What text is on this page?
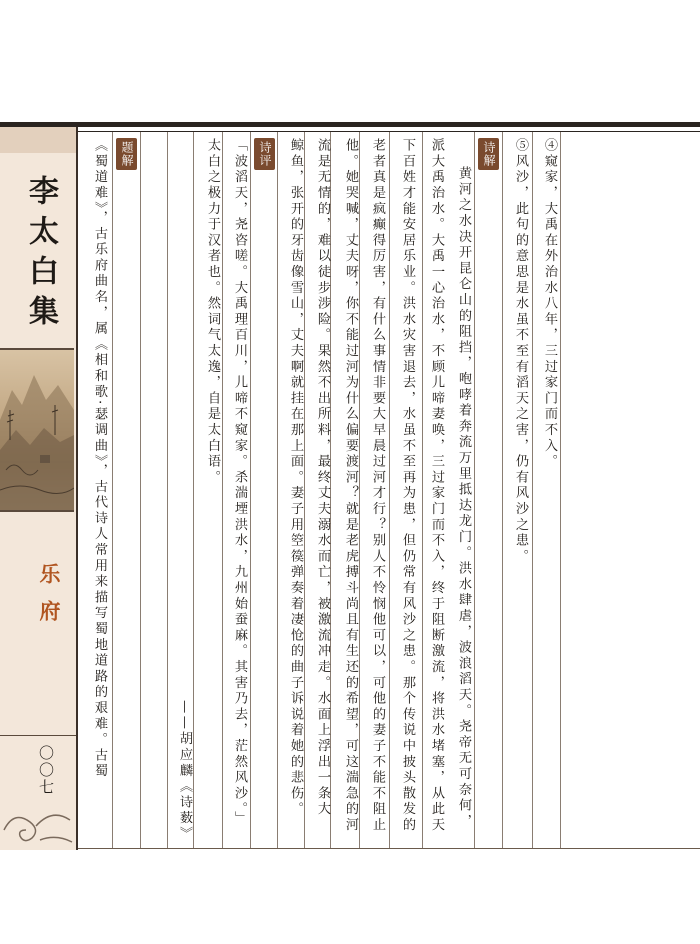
李太白集
乐府
〇〇七
④窥家，大禹在外治水八年，三过家门而不入。
⑤风沙，此句的意思是水虽不至有滔天之害，仍有风沙之患。
诗解
黄河之水决开昆仑山的阻挡，咆哮着奔流万里抵达龙门。洪水肆虐，波浪滔天。尧帝无可奈何，
派大禹治水。大禹一心治水，不顾儿啼妻唤，三过家门而不入，终于阻断激流，将洪水堵塞，从此天
下百姓才能安居乐业。洪水灾害退去，水虽不至再为患，但仍常有风沙之患。那个传说中披头散发的
老者真是疯癫得厉害，有什么事情非要大早晨过河才行？别人不怜悯他可以，可他的妻子不能不阻止
他。她哭喊，丈夫呀，你不能过河为什么偏要渡河？就是老虎搏斗尚且有生还的希望，可这湍急的河
流是无情的，难以徒步涉险。果然不出所料，最终丈夫溺水而亡，被激流冲走。水面上浮出一条大
鲸鱼，张开的牙齿像雪山，丈夫啊就挂在那上面。妻子用箜篌弹奏着凄怆的曲子诉说着她的悲伤。
诗评
「波滔天，尧咨嗟。大禹理百川，儿啼不窥家。杀湍堙洪水，九州始蚕麻。其害乃去，茫然风沙。」
太白之极力于汉者也。然词气太逸，自是太白语。
——胡应麟《诗薮》
题解
《蜀道难》，古乐府曲名，属《相和歌·瑟调曲》，古代诗人常用来描写蜀地道路的艰难。古蜀
